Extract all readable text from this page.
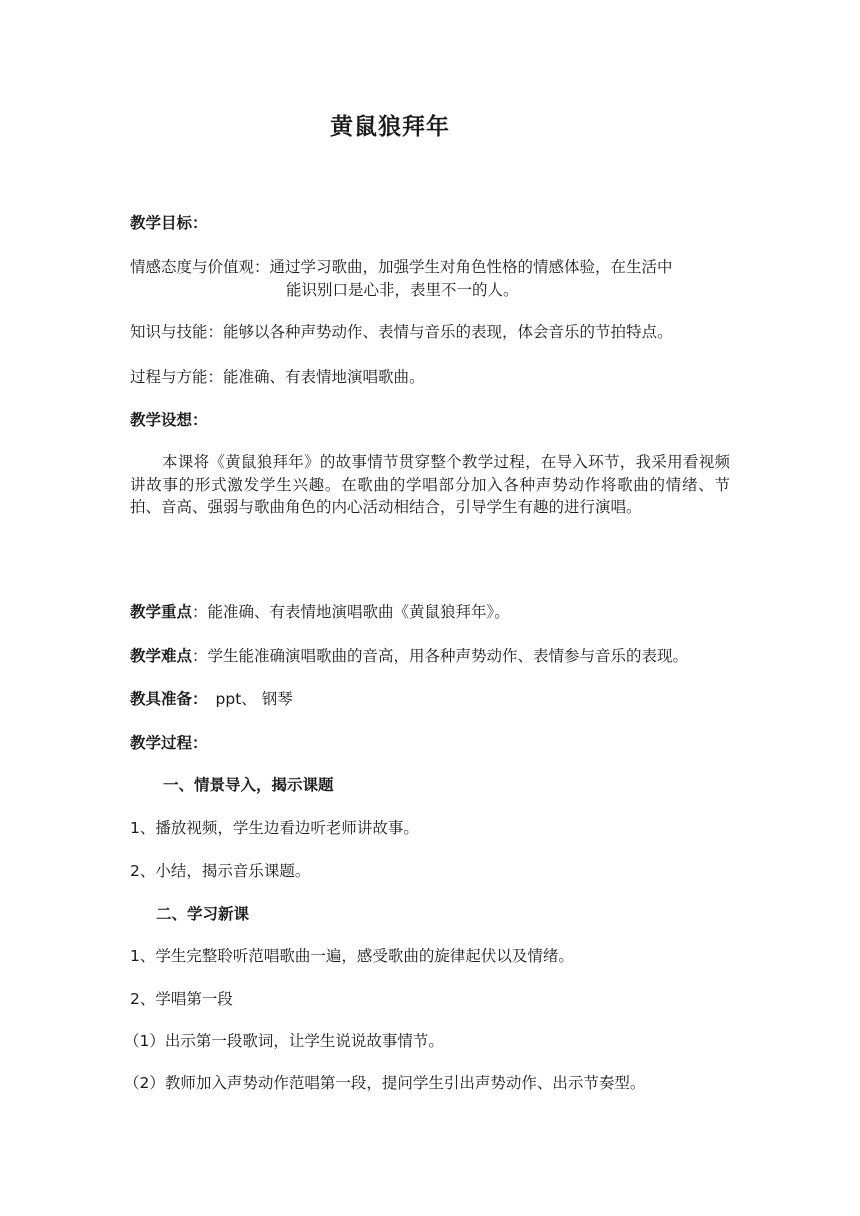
黄鼠狼拜年
教学目标：
情感态度与价值观：通过学习歌曲，加强学生对角色性格的情感体验，在生活中
能识别口是心非，表里不一的人。
知识与技能：能够以各种声势动作、表情与音乐的表现，体会音乐的节拍特点。
过程与方能：能准确、有表情地演唱歌曲。
教学设想：
本课将《黄鼠狼拜年》的故事情节贯穿整个教学过程，在导入环节，我采用看视频讲故事的形式激发学生兴趣。在歌曲的学唱部分加入各种声势动作将歌曲的情绪、节拍、音高、强弱与歌曲角色的内心活动相结合，引导学生有趣的进行演唱。
教学重点：能准确、有表情地演唱歌曲《黄鼠狼拜年》。
教学难点：学生能准确演唱歌曲的音高，用各种声势动作、表情参与音乐的表现。
教具准备： ppt、 钢琴
教学过程：
一、情景导入，揭示课题
1、播放视频，学生边看边听老师讲故事。
2、小结，揭示音乐课题。
二、学习新课
1、学生完整聆听范唱歌曲一遍，感受歌曲的旋律起伏以及情绪。
2、学唱第一段
（1）出示第一段歌词，让学生说说故事情节。
（2）教师加入声势动作范唱第一段，提问学生引出声势动作、出示节奏型。
